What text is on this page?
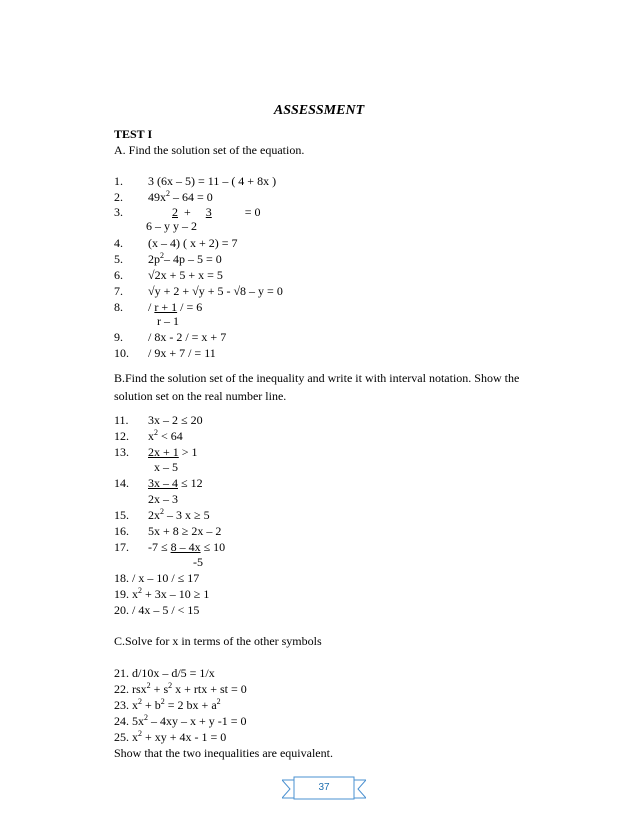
ASSESSMENT
TEST I
A. Find the solution set of the equation.
1. 3 (6x – 5) = 11 – ( 4 + 8x )
2. $49x^2 - 64 = 0$
3.	2  +  3	= 0
6 – y y – 2
4. (x – 4) ( x + 2) = 7
5. $2p^2-$ 4p – 5 = 0
6. √2x + 5 + x = 5
7. √y + 2 + √y + 5 - √8 – y = 0
8. / r + 1 / = 6
r – 1
9. / 8x - 2 / = x + 7
10. / 9x + 7 / = 11
B.Find the solution set of the inequality and write it with interval notation. Show the solution set on the real number line.
11. 3x – 2 ≤ 20
12. $x^2 < 64$
13. 2x + 1 > 1
x – 5
14. 3x – 4 ≤ 12
2x – 3
15. $2x^2 - 3$ x ≥ 5
16. 5x + 8 ≥ 2x – 2
17. -7 ≤ 8 – 4x ≤ 10
-5
18. / x – 10 / ≤ 17
19. $x^2 + 3x - 10 \ge 1$
20. / 4x – 5 / < 15
C.Solve for x in terms of the other symbols
21. d/10x – d/5 = 1/x
22. $rsx^2 + s^2$ x + rtx + st = 0
23. $x^2 + b^2 = 2$ bx + $a^2$
24. $5x^2 - 4xy - x + y$ -1 = 0
25. $x^2$ + xy + 4x - 1 = 0
Show that the two inequalities are equivalent.
37
